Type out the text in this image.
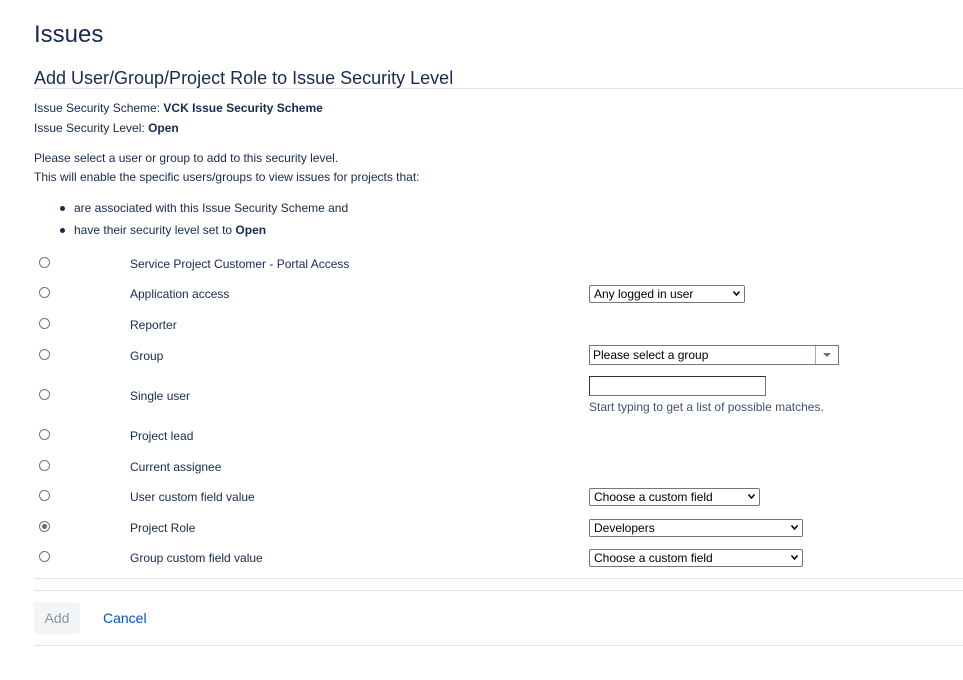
Issues
Add User/Group/Project Role to Issue Security Level
Issue Security Scheme: VCK Issue Security Scheme
Issue Security Level: Open
Please select a user or group to add to this security level.
This will enable the specific users/groups to view issues for projects that:
are associated with this Issue Security Scheme and
have their security level set to Open
Service Project Customer - Portal Access
Application access	Any logged in user
Reporter
Group	Please select a group
Single user
Start typing to get a list of possible matches.
Project lead
Current assignee
User custom field value	Choose a custom field
Project Role	Developers
Group custom field value	Choose a custom field
Add	Cancel
